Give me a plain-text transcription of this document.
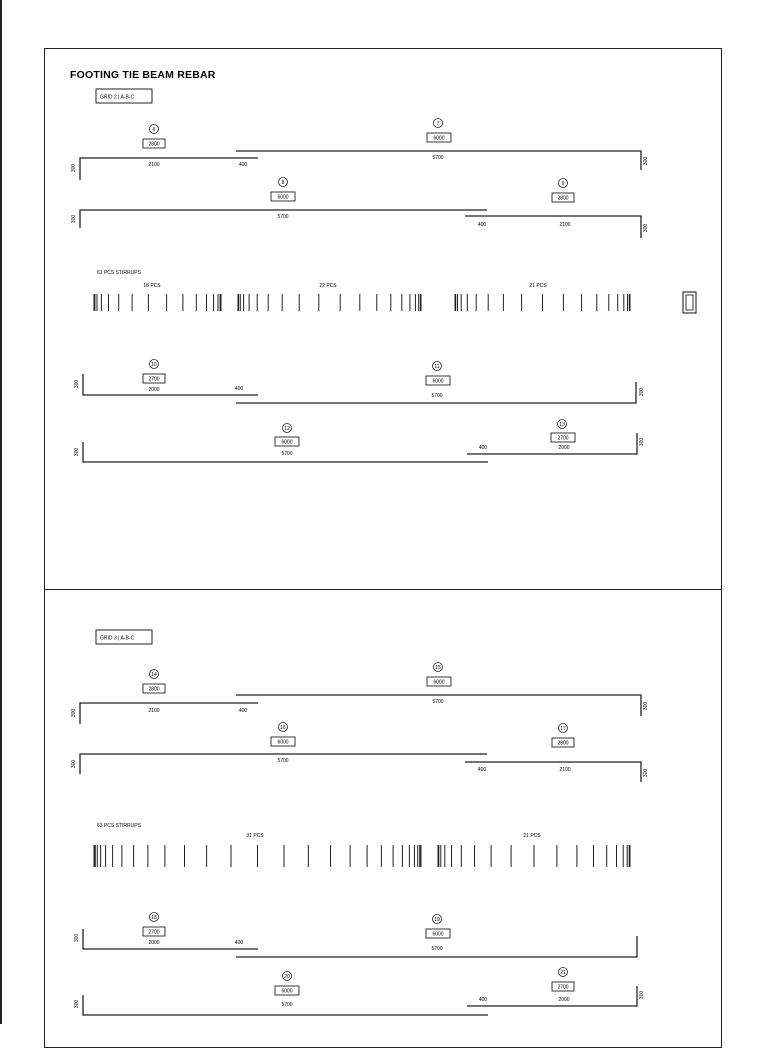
FOOTING TIE BEAM REBAR
GRID 2 | A-B-C
6
2800
300	2100	400
7
6000
5700	300
8
6000
300	5700
9
2800
400	2100	300
61 PCS STIRRUPS
18 PCS	22 PCS	21 PCS
10
2700
300
2000	400
11
6000
5700	300
12
6000
300	5700
13
2700
400	2000
300
GRID 3 | A-B-C
14
2800
300	2100	400
15
6000
5700	300
16
6000
300	5700
17
2800
400	2100	300
63 PCS STIRRUPS
31 PCS	21 PCS
18
2700
300
2000	400
19
6000
5700
20
6000
300	5700
21
2700
400	2000
300
